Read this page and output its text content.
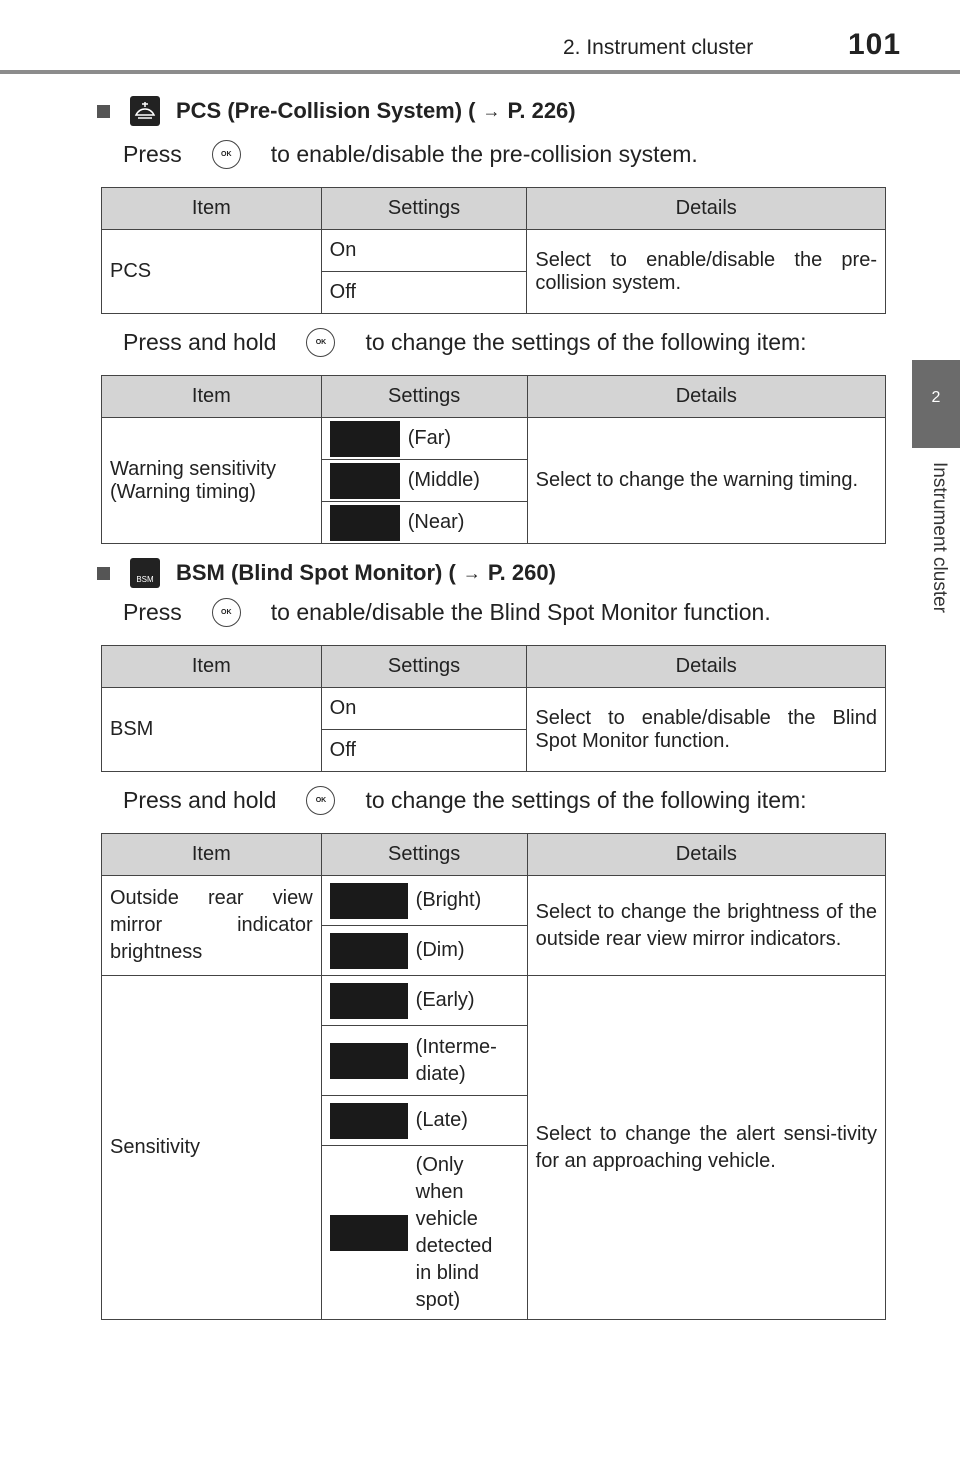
2. Instrument cluster	101
2
Instrument cluster
PCS (Pre-Collision System) ( → P. 226)
Press	OK	to enable/disable the pre-collision system.
Item	Settings	Details
PCS	On	Select to enable/disable the pre-collision system.
	Off	
Press and hold	OK	to change the settings of the following item:
Item	Settings	Details
Warning sensitivity (Warning timing)	(Far)	Select to change the warning timing.

	(Middle)	

	(Near)	
BSM BSM (Blind Spot Monitor) ( → P. 260)
Press	OK	to enable/disable the Blind Spot Monitor function.
Item	Settings	Details
BSM	On	Select to enable/disable the Blind Spot Monitor function.
	Off	
Press and hold	OK	to change the settings of the following item:
Item	Settings	Details
Outside rear view mirror indicator brightness	(Bright)	Select to change the brightness of the outside rear view mirror indicators.

	(Dim)	

Sensitivity	(Early)	Select to change the alert sensi-tivity for an approaching vehicle.

	(Interme-diate)	

	(Late)	

	(Only when vehicle detected in blind spot)	
